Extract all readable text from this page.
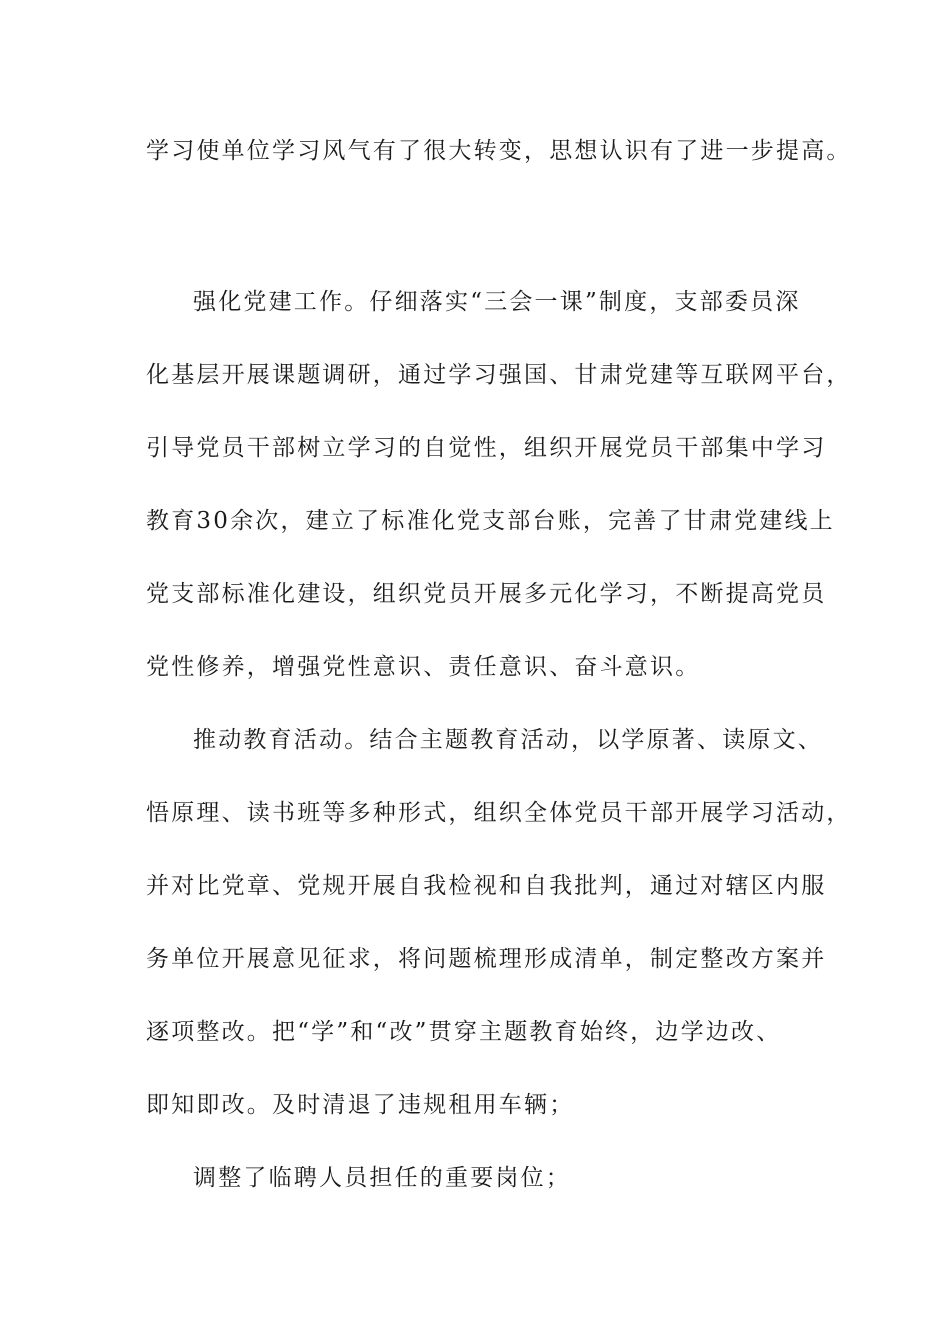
学习使单位学习风气有了很大转变，思想认识有了进一步提高。
强化党建工作。仔细落实“三会一课”制度，支部委员深
化基层开展课题调研，通过学习强国、甘肃党建等互联网平台，
引导党员干部树立学习的自觉性，组织开展党员干部集中学习
教育30余次，建立了标准化党支部台账，完善了甘肃党建线上
党支部标准化建设，组织党员开展多元化学习，不断提高党员
党性修养，增强党性意识、责任意识、奋斗意识。
推动教育活动。结合主题教育活动，以学原著、读原文、
悟原理、读书班等多种形式，组织全体党员干部开展学习活动，
并对比党章、党规开展自我检视和自我批判，通过对辖区内服
务单位开展意见征求，将问题梳理形成清单，制定整改方案并
逐项整改。把“学”和“改”贯穿主题教育始终，边学边改、
即知即改。及时清退了违规租用车辆；
调整了临聘人员担任的重要岗位；
